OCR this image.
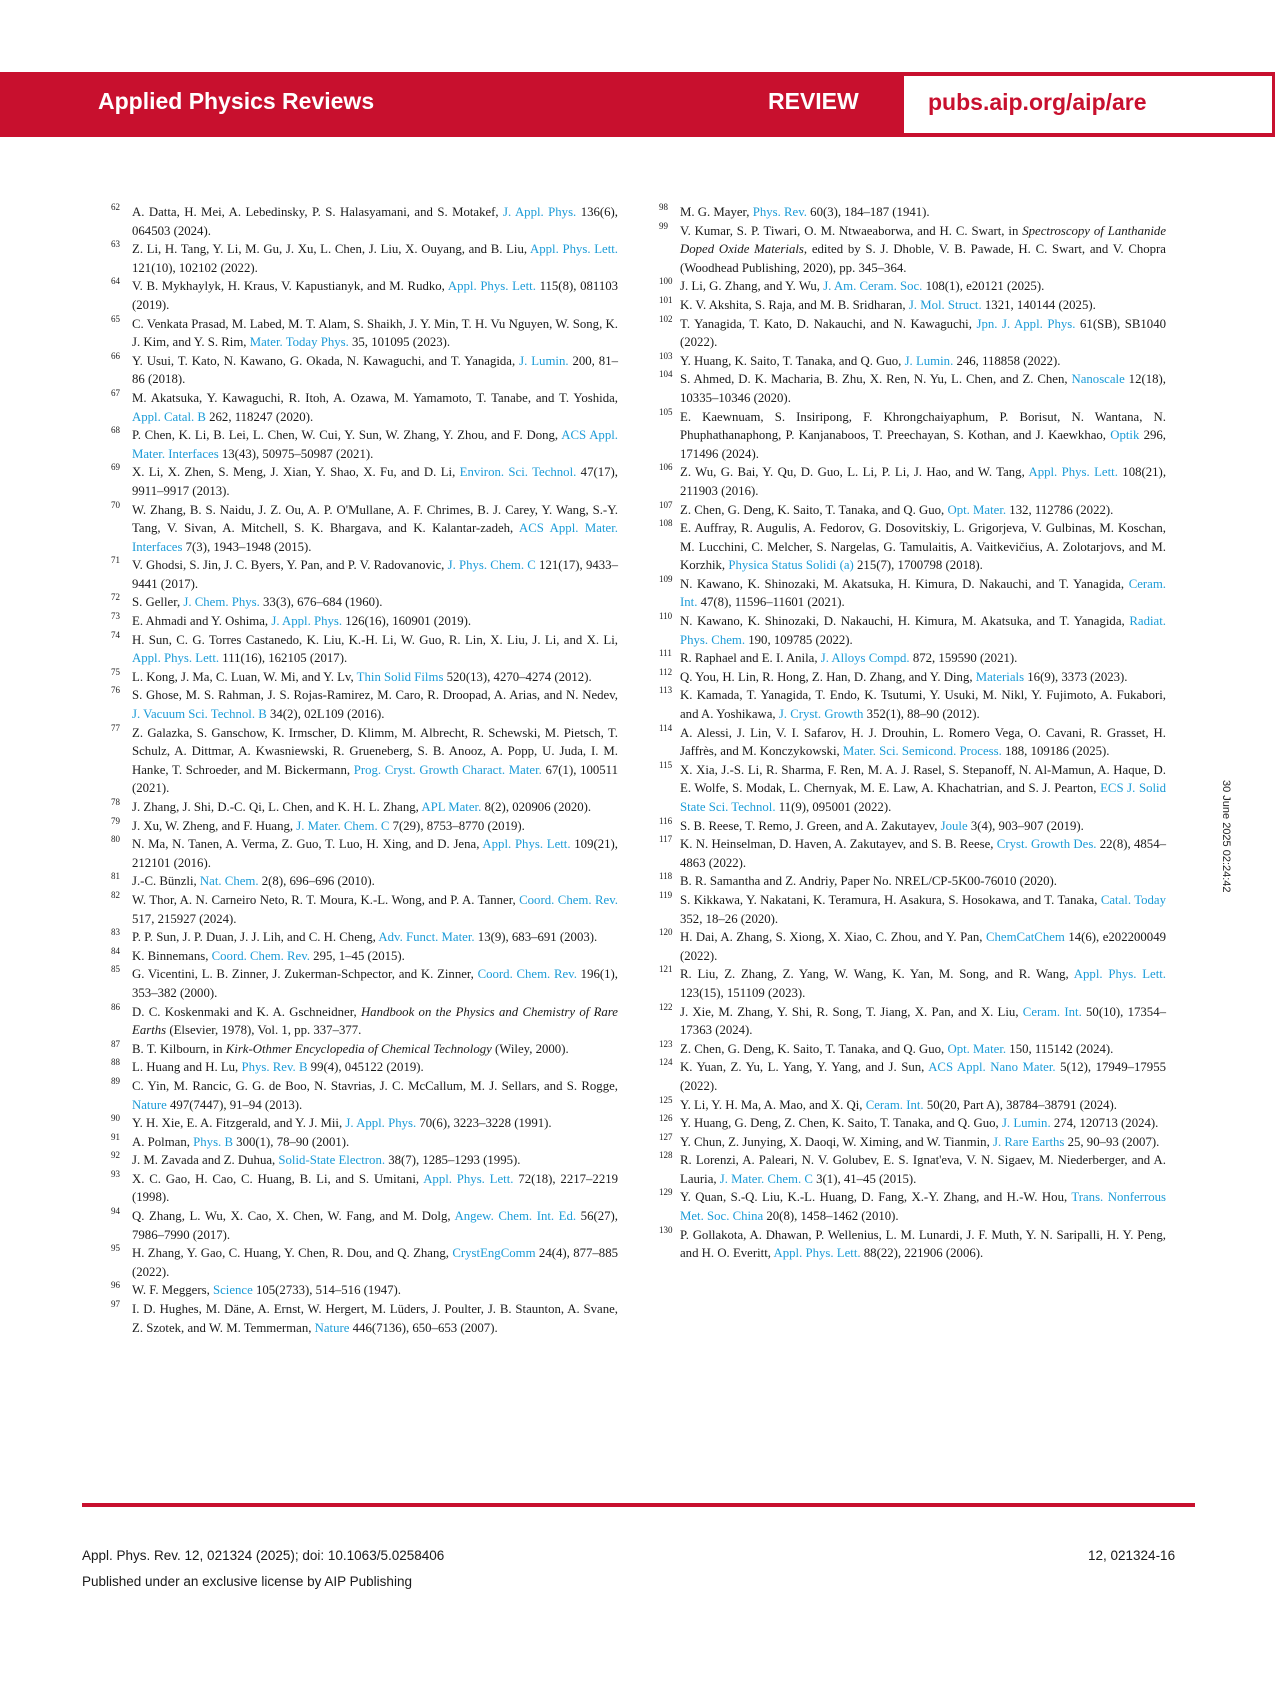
Applied Physics Reviews	REVIEW	pubs.aip.org/aip/are

62 A. Datta, H. Mei, A. Lebedinsky, P. S. Halasyamani, and S. Motakef, J. Appl. Phys. 136(6), 064503 (2024).

63 Z. Li, H. Tang, Y. Li, M. Gu, J. Xu, L. Chen, J. Liu, X. Ouyang, and B. Liu, Appl. Phys. Lett. 121(10), 102102 (2022).

64 V. B. Mykhaylyk, H. Kraus, V. Kapustianyk, and M. Rudko, Appl. Phys. Lett. 115(8), 081103 (2019).

65 C. Venkata Prasad, M. Labed, M. T. Alam, S. Shaikh, J. Y. Min, T. H. Vu Nguyen, W. Song, K. J. Kim, and Y. S. Rim, Mater. Today Phys. 35, 101095 (2023).

66 Y. Usui, T. Kato, N. Kawano, G. Okada, N. Kawaguchi, and T. Yanagida, J. Lumin. 200, 81–86 (2018).

67 M. Akatsuka, Y. Kawaguchi, R. Itoh, A. Ozawa, M. Yamamoto, T. Tanabe, and T. Yoshida, Appl. Catal. B 262, 118247 (2020).

68 P. Chen, K. Li, B. Lei, L. Chen, W. Cui, Y. Sun, W. Zhang, Y. Zhou, and F. Dong, ACS Appl. Mater. Interfaces 13(43), 50975–50987 (2021).

69 X. Li, X. Zhen, S. Meng, J. Xian, Y. Shao, X. Fu, and D. Li, Environ. Sci. Technol. 47(17), 9911–9917 (2013).

70 W. Zhang, B. S. Naidu, J. Z. Ou, A. P. O'Mullane, A. F. Chrimes, B. J. Carey, Y. Wang, S.-Y. Tang, V. Sivan, A. Mitchell, S. K. Bhargava, and K. Kalantar-zadeh, ACS Appl. Mater. Interfaces 7(3), 1943–1948 (2015).

71 V. Ghodsi, S. Jin, J. C. Byers, Y. Pan, and P. V. Radovanovic, J. Phys. Chem. C 121(17), 9433–9441 (2017).

72 S. Geller, J. Chem. Phys. 33(3), 676–684 (1960).

73 E. Ahmadi and Y. Oshima, J. Appl. Phys. 126(16), 160901 (2019).

74 H. Sun, C. G. Torres Castanedo, K. Liu, K.-H. Li, W. Guo, R. Lin, X. Liu, J. Li, and X. Li, Appl. Phys. Lett. 111(16), 162105 (2017).

75 L. Kong, J. Ma, C. Luan, W. Mi, and Y. Lv, Thin Solid Films 520(13), 4270–4274 (2012).

76 S. Ghose, M. S. Rahman, J. S. Rojas-Ramirez, M. Caro, R. Droopad, A. Arias, and N. Nedev, J. Vacuum Sci. Technol. B 34(2), 02L109 (2016).

77 Z. Galazka, S. Ganschow, K. Irmscher, D. Klimm, M. Albrecht, R. Schewski, M. Pietsch, T. Schulz, A. Dittmar, A. Kwasniewski, R. Grueneberg, S. B. Anooz, A. Popp, U. Juda, I. M. Hanke, T. Schroeder, and M. Bickermann, Prog. Cryst. Growth Charact. Mater. 67(1), 100511 (2021).

78 J. Zhang, J. Shi, D.-C. Qi, L. Chen, and K. H. L. Zhang, APL Mater. 8(2), 020906 (2020).

79 J. Xu, W. Zheng, and F. Huang, J. Mater. Chem. C 7(29), 8753–8770 (2019).

80 N. Ma, N. Tanen, A. Verma, Z. Guo, T. Luo, H. Xing, and D. Jena, Appl. Phys. Lett. 109(21), 212101 (2016).

81 J.-C. Bünzli, Nat. Chem. 2(8), 696–696 (2010).

82 W. Thor, A. N. Carneiro Neto, R. T. Moura, K.-L. Wong, and P. A. Tanner, Coord. Chem. Rev. 517, 215927 (2024).

83 P. P. Sun, J. P. Duan, J. J. Lih, and C. H. Cheng, Adv. Funct. Mater. 13(9), 683–691 (2003).

84 K. Binnemans, Coord. Chem. Rev. 295, 1–45 (2015).

85 G. Vicentini, L. B. Zinner, J. Zukerman-Schpector, and K. Zinner, Coord. Chem. Rev. 196(1), 353–382 (2000).

86 D. C. Koskenmaki and K. A. Gschneidner, Handbook on the Physics and Chemistry of Rare Earths (Elsevier, 1978), Vol. 1, pp. 337–377.

87 B. T. Kilbourn, in Kirk-Othmer Encyclopedia of Chemical Technology (Wiley, 2000).

88 L. Huang and H. Lu, Phys. Rev. B 99(4), 045122 (2019).

89 C. Yin, M. Rancic, G. G. de Boo, N. Stavrias, J. C. McCallum, M. J. Sellars, and S. Rogge, Nature 497(7447), 91–94 (2013).

90 Y. H. Xie, E. A. Fitzgerald, and Y. J. Mii, J. Appl. Phys. 70(6), 3223–3228 (1991).

91 A. Polman, Phys. B 300(1), 78–90 (2001).

92 J. M. Zavada and Z. Duhua, Solid-State Electron. 38(7), 1285–1293 (1995).

93 X. C. Gao, H. Cao, C. Huang, B. Li, and S. Umitani, Appl. Phys. Lett. 72(18), 2217–2219 (1998).

94 Q. Zhang, L. Wu, X. Cao, X. Chen, W. Fang, and M. Dolg, Angew. Chem. Int. Ed. 56(27), 7986–7990 (2017).

95 H. Zhang, Y. Gao, C. Huang, Y. Chen, R. Dou, and Q. Zhang, CrystEngComm 24(4), 877–885 (2022).

96 W. F. Meggers, Science 105(2733), 514–516 (1947).

97 I. D. Hughes, M. Däne, A. Ernst, W. Hergert, M. Lüders, J. Poulter, J. B. Staunton, A. Svane, Z. Szotek, and W. M. Temmerman, Nature 446(7136), 650–653 (2007).

98 M. G. Mayer, Phys. Rev. 60(3), 184–187 (1941).

99 V. Kumar, S. P. Tiwari, O. M. Ntwaeaborwa, and H. C. Swart, in Spectroscopy of Lanthanide Doped Oxide Materials, edited by S. J. Dhoble, V. B. Pawade, H. C. Swart, and V. Chopra (Woodhead Publishing, 2020), pp. 345–364.

100 J. Li, G. Zhang, and Y. Wu, J. Am. Ceram. Soc. 108(1), e20121 (2025).

101 K. V. Akshita, S. Raja, and M. B. Sridharan, J. Mol. Struct. 1321, 140144 (2025).

102 T. Yanagida, T. Kato, D. Nakauchi, and N. Kawaguchi, Jpn. J. Appl. Phys. 61(SB), SB1040 (2022).

103 Y. Huang, K. Saito, T. Tanaka, and Q. Guo, J. Lumin. 246, 118858 (2022).

104 S. Ahmed, D. K. Macharia, B. Zhu, X. Ren, N. Yu, L. Chen, and Z. Chen, Nanoscale 12(18), 10335–10346 (2020).

105 E. Kaewnuam, S. Insiripong, F. Khrongchaiyaphum, P. Borisut, N. Wantana, N. Phuphathanaphong, P. Kanjanaboos, T. Preechayan, S. Kothan, and J. Kaewkhao, Optik 296, 171496 (2024).

106 Z. Wu, G. Bai, Y. Qu, D. Guo, L. Li, P. Li, J. Hao, and W. Tang, Appl. Phys. Lett. 108(21), 211903 (2016).

107 Z. Chen, G. Deng, K. Saito, T. Tanaka, and Q. Guo, Opt. Mater. 132, 112786 (2022).

108 E. Auffray, R. Augulis, A. Fedorov, G. Dosovitskiy, L. Grigorjeva, V. Gulbinas, M. Koschan, M. Lucchini, C. Melcher, S. Nargelas, G. Tamulaitis, A. Vaitkevičius, A. Zolotarjovs, and M. Korzhik, Physica Status Solidi (a) 215(7), 1700798 (2018).

109 N. Kawano, K. Shinozaki, M. Akatsuka, H. Kimura, D. Nakauchi, and T. Yanagida, Ceram. Int. 47(8), 11596–11601 (2021).

110 N. Kawano, K. Shinozaki, D. Nakauchi, H. Kimura, M. Akatsuka, and T. Yanagida, Radiat. Phys. Chem. 190, 109785 (2022).

111 R. Raphael and E. I. Anila, J. Alloys Compd. 872, 159590 (2021).

112 Q. You, H. Lin, R. Hong, Z. Han, D. Zhang, and Y. Ding, Materials 16(9), 3373 (2023).

113 K. Kamada, T. Yanagida, T. Endo, K. Tsutumi, Y. Usuki, M. Nikl, Y. Fujimoto, A. Fukabori, and A. Yoshikawa, J. Cryst. Growth 352(1), 88–90 (2012).

114 A. Alessi, J. Lin, V. I. Safarov, H. J. Drouhin, L. Romero Vega, O. Cavani, R. Grasset, H. Jaffrès, and M. Konczykowski, Mater. Sci. Semicond. Process. 188, 109186 (2025).

115 X. Xia, J.-S. Li, R. Sharma, F. Ren, M. A. J. Rasel, S. Stepanoff, N. Al-Mamun, A. Haque, D. E. Wolfe, S. Modak, L. Chernyak, M. E. Law, A. Khachatrian, and S. J. Pearton, ECS J. Solid State Sci. Technol. 11(9), 095001 (2022).

116 S. B. Reese, T. Remo, J. Green, and A. Zakutayev, Joule 3(4), 903–907 (2019).

117 K. N. Heinselman, D. Haven, A. Zakutayev, and S. B. Reese, Cryst. Growth Des. 22(8), 4854–4863 (2022).

118 B. R. Samantha and Z. Andriy, Paper No. NREL/CP-5K00-76010 (2020).

119 S. Kikkawa, Y. Nakatani, K. Teramura, H. Asakura, S. Hosokawa, and T. Tanaka, Catal. Today 352, 18–26 (2020).

120 H. Dai, A. Zhang, S. Xiong, X. Xiao, C. Zhou, and Y. Pan, ChemCatChem 14(6), e202200049 (2022).

121 R. Liu, Z. Zhang, Z. Yang, W. Wang, K. Yan, M. Song, and R. Wang, Appl. Phys. Lett. 123(15), 151109 (2023).

122 J. Xie, M. Zhang, Y. Shi, R. Song, T. Jiang, X. Pan, and X. Liu, Ceram. Int. 50(10), 17354–17363 (2024).

123 Z. Chen, G. Deng, K. Saito, T. Tanaka, and Q. Guo, Opt. Mater. 150, 115142 (2024).

124 K. Yuan, Z. Yu, L. Yang, Y. Yang, and J. Sun, ACS Appl. Nano Mater. 5(12), 17949–17955 (2022).

125 Y. Li, Y. H. Ma, A. Mao, and X. Qi, Ceram. Int. 50(20, Part A), 38784–38791 (2024).

126 Y. Huang, G. Deng, Z. Chen, K. Saito, T. Tanaka, and Q. Guo, J. Lumin. 274, 120713 (2024).

127 Y. Chun, Z. Junying, X. Daoqi, W. Ximing, and W. Tianmin, J. Rare Earths 25, 90–93 (2007).

128 R. Lorenzi, A. Paleari, N. V. Golubev, E. S. Ignat'eva, V. N. Sigaev, M. Niederberger, and A. Lauria, J. Mater. Chem. C 3(1), 41–45 (2015).

129 Y. Quan, S.-Q. Liu, K.-L. Huang, D. Fang, X.-Y. Zhang, and H.-W. Hou, Trans. Nonferrous Met. Soc. China 20(8), 1458–1462 (2010).

130 P. Gollakota, A. Dhawan, P. Wellenius, L. M. Lunardi, J. F. Muth, Y. N. Saripalli, H. Y. Peng, and H. O. Everitt, Appl. Phys. Lett. 88(22), 221906 (2006).

30 June 2025 02:24:42
Appl. Phys. Rev. 12, 021324 (2025); doi: 10.1063/5.0258406
Published under an exclusive license by AIP Publishing
12, 021324-16
